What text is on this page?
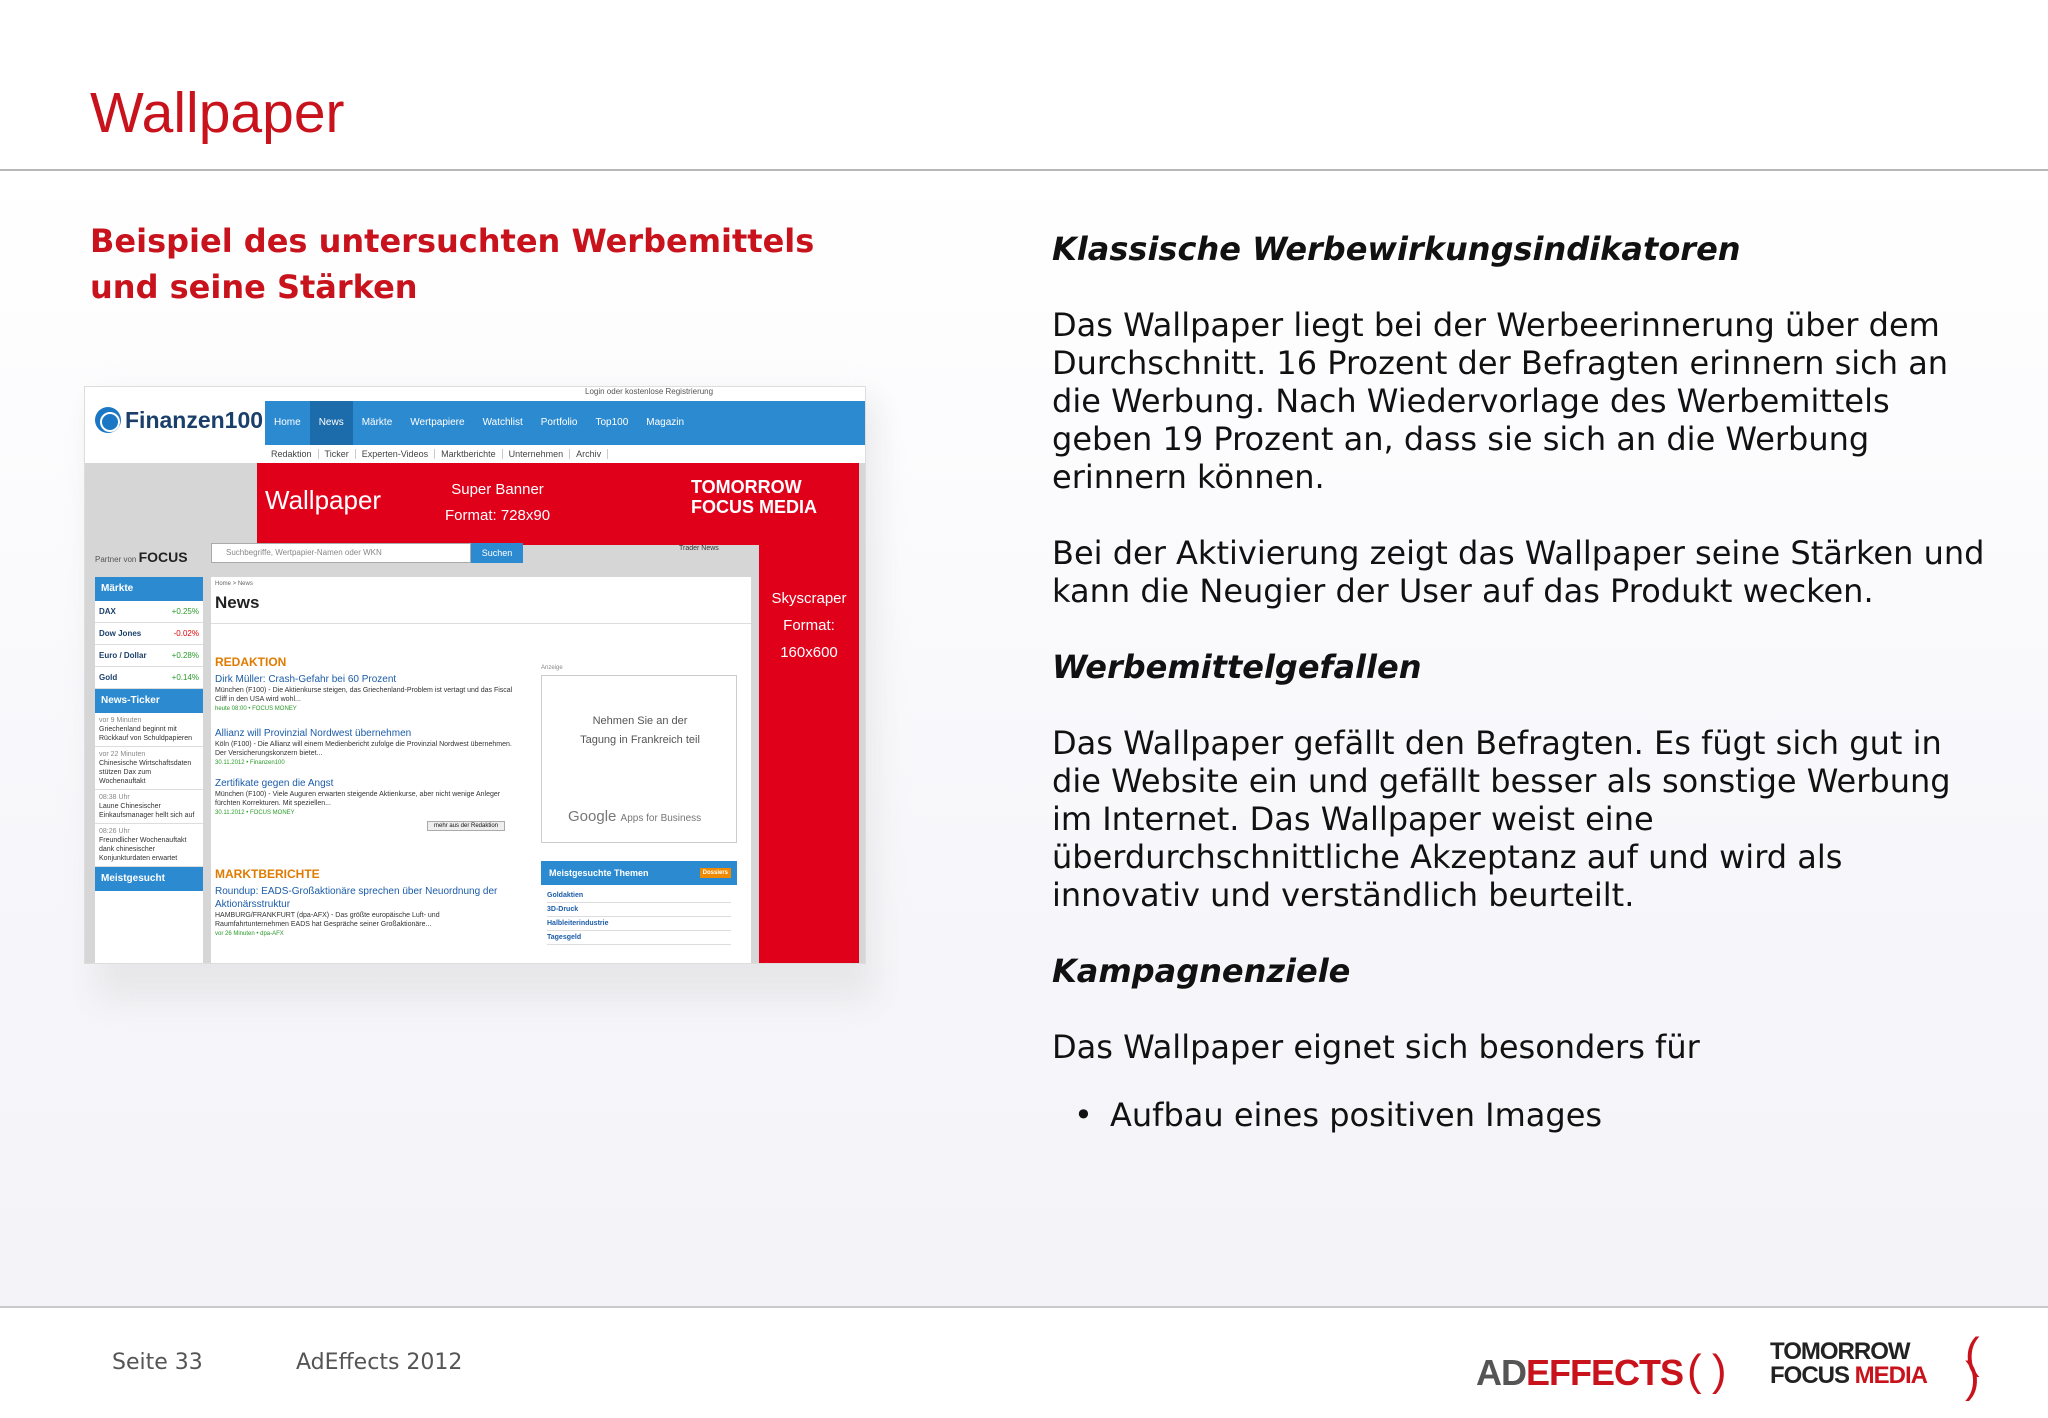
Wallpaper
Beispiel des untersuchten Werbemittels
und seine Stärken
Login oder kostenlose Registrierung
Finanzen100	Home News Märkte Wertpapiere Watchlist Portfolio Top100 Magazin
Redaktion Ticker Experten-Videos Marktberichte Unternehmen Archiv
Wallpaper	Super Banner
Format: 728x90
TOMORROW
FOCUS MEDIA
Skyscraper
Format:
160x600
Partner von FOCUS	Suchbegriffe, Wertpapier-Namen oder WKN	Suchen	Trader News
Märkte
DAX	+0.25%
Dow Jones	-0.02%
Euro / Dollar	+0.28%
Gold	+0.14%
News-Ticker
vor 9 Minuten
Griechenland beginnt mit Rückkauf von Schuldpapieren
vor 22 Minuten
Chinesische Wirtschaftsdaten stützen Dax zum Wochenauftakt
08:38 Uhr
Laune Chinesischer Einkaufsmanager hellt sich auf
08:26 Uhr
Freundlicher Wochenauftakt dank chinesischer Konjunkturdaten erwartet
Meistgesucht
Home > News
News
REDAKTION
Dirk Müller: Crash-Gefahr bei 60 Prozent
München (F100) - Die Aktienkurse steigen, das Griechenland-Problem ist vertagt und das Fiscal Cliff in den USA wird wohl...
heute 08:00 • FOCUS MONEY
Allianz will Provinzial Nordwest übernehmen
Köln (F100) - Die Allianz will einem Medienbericht zufolge die Provinzial Nordwest übernehmen. Der Versicherungskonzern bietet...
30.11.2012 • Finanzen100
Zertifikate gegen die Angst
München (F100) - Viele Auguren erwarten steigende Aktienkurse, aber nicht wenige Anleger fürchten Korrekturen. Mit speziellen...
30.11.2012 • FOCUS MONEY
mehr aus der Redaktion
MARKTBERICHTE
Roundup: EADS-Großaktionäre sprechen über Neuordnung der Aktionärsstruktur
HAMBURG/FRANKFURT (dpa-AFX) - Das größte europäische Luft- und Raumfahrtunternehmen EADS hat Gespräche seiner Großaktionäre...
vor 26 Minuten • dpa-AFX
Anzeige
Nehmen Sie an der
Tagung in Frankreich teil
Google Apps for Business
Meistgesuchte Themen	Dossiers
Goldaktien
3D-Druck
Halbleiterindustrie
Tagesgeld
Klassische Werbewirkungsindikatoren

Das Wallpaper liegt bei der Werbeerinnerung über dem Durchschnitt. 16 Prozent der Befragten erinnern sich an die Werbung. Nach Wiedervorlage des Werbemittels geben 19 Prozent an, dass sie sich an die Werbung erinnern können.

Bei der Aktivierung zeigt das Wallpaper seine Stärken und kann die Neugier der User auf das Produkt wecken.

Werbemittelgefallen

Das Wallpaper gefällt den Befragten. Es fügt sich gut in die Website ein und gefällt besser als sonstige Werbung im Internet. Das Wallpaper weist eine überdurchschnittliche Akzeptanz auf und wird als innovativ und verständlich beurteilt.

Kampagnenziele

Das Wallpaper eignet sich besonders für

• Aufbau eines positiven Images
Seite 33	AdEffects 2012	ADEFFECTS( ) TOMORROW
FOCUS MEDIA ( )
